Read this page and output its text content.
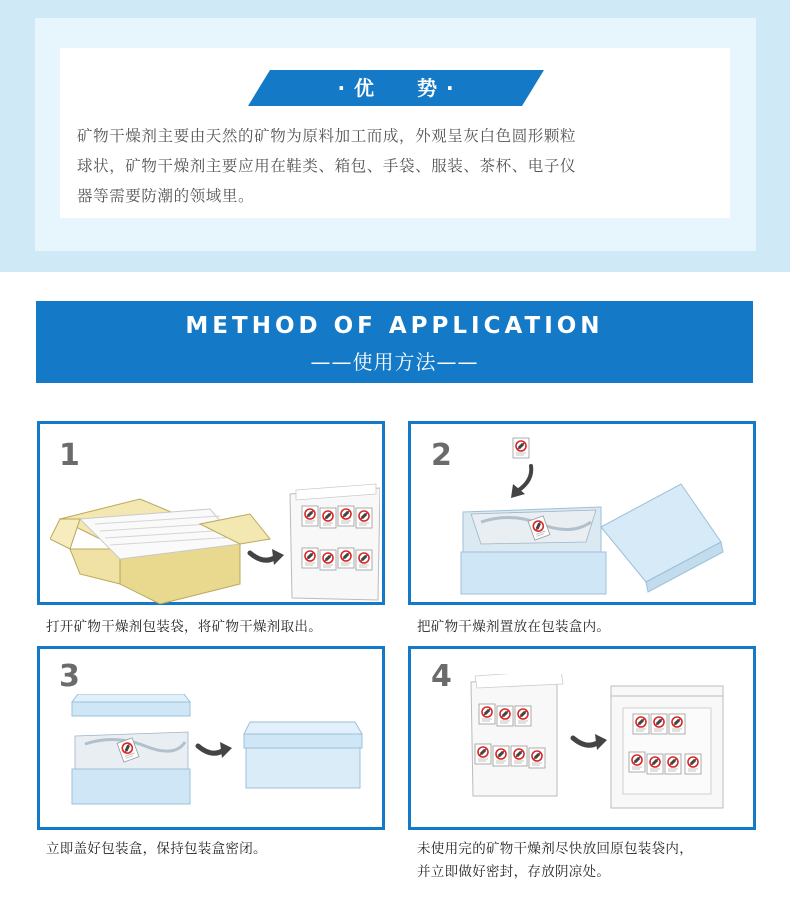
· 优　　势 ·
矿物干燥剂主要由天然的矿物为原料加工而成，外观呈灰白色圆形颗粒
球状，矿物干燥剂主要应用在鞋类、箱包、手袋、服装、茶杯、电子仪
器等需要防潮的领域里。
METHOD OF APPLICATION
——使用方法——
1
打开矿物干燥剂包装袋，将矿物干燥剂取出。
2
把矿物干燥剂置放在包装盒内。
3
立即盖好包装盒，保持包装盒密闭。
4
未使用完的矿物干燥剂尽快放回原包装袋内，
并立即做好密封，存放阴凉处。
